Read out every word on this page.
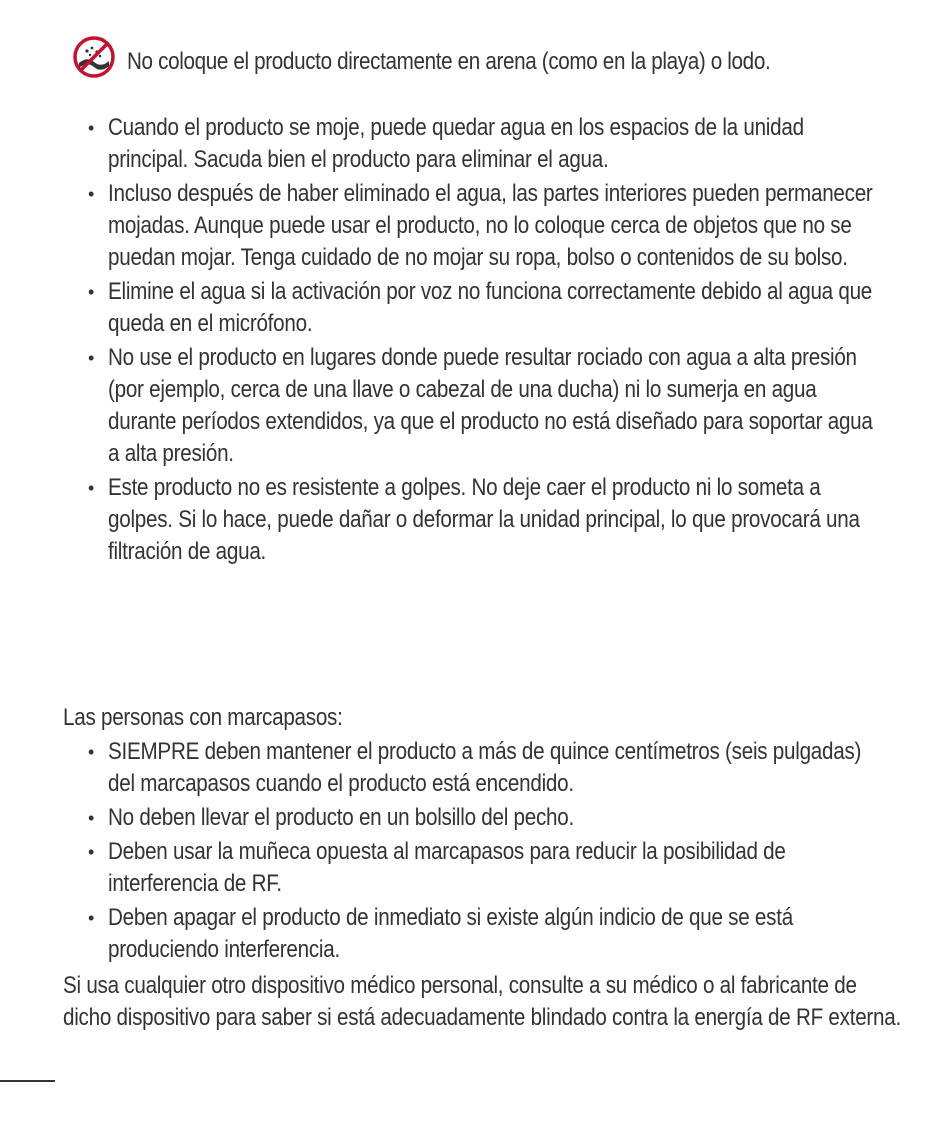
No coloque el producto directamente en arena (como en la playa) o lodo.
• Cuando el producto se moje, puede quedar agua en los espacios de la unidad principal. Sacuda bien el producto para eliminar el agua.
• Incluso después de haber eliminado el agua, las partes interiores pueden permanecer mojadas. Aunque puede usar el producto, no lo coloque cerca de objetos que no se puedan mojar. Tenga cuidado de no mojar su ropa, bolso o contenidos de su bolso.
• Elimine el agua si la activación por voz no funciona correctamente debido al agua que queda en el micrófono.
• No use el producto en lugares donde puede resultar rociado con agua a alta presión (por ejemplo, cerca de una llave o cabezal de una ducha) ni lo sumerja en agua durante períodos extendidos, ya que el producto no está diseñado para soportar agua a alta presión.
• Este producto no es resistente a golpes. No deje caer el producto ni lo someta a golpes. Si lo hace, puede dañar o deformar la unidad principal, lo que provocará una filtración de agua.

Las personas con marcapasos:

• SIEMPRE deben mantener el producto a más de quince centímetros (seis pulgadas) del marcapasos cuando el producto está encendido.
• No deben llevar el producto en un bolsillo del pecho.
• Deben usar la muñeca opuesta al marcapasos para reducir la posibilidad de interferencia de RF.
• Deben apagar el producto de inmediato si existe algún indicio de que se está produciendo interferencia.

Si usa cualquier otro dispositivo médico personal, consulte a su médico o al fabricante de dicho dispositivo para saber si está adecuadamente blindado contra la energía de RF externa.
